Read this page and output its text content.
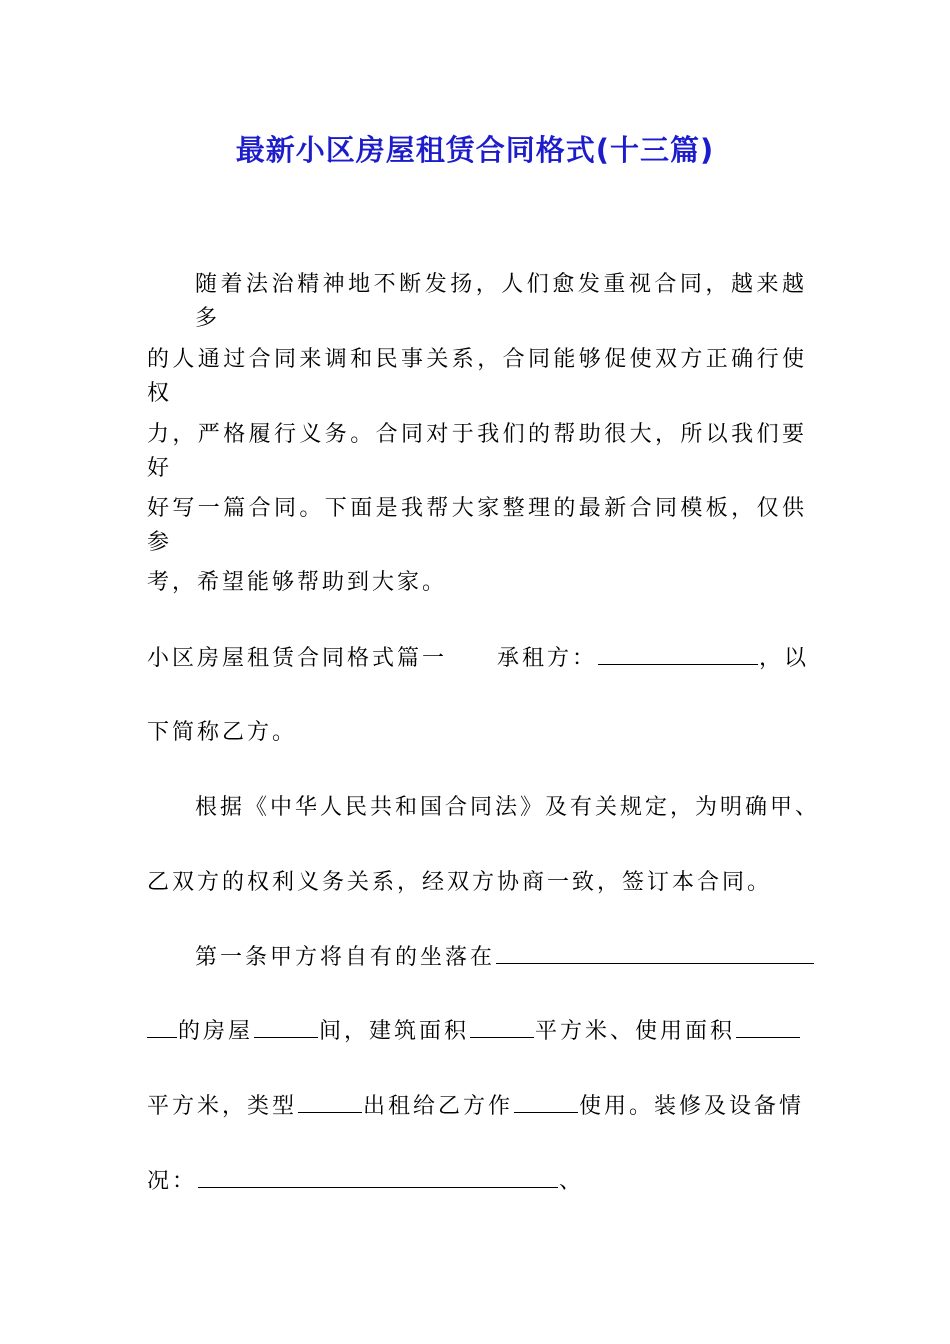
最新小区房屋租赁合同格式(十三篇)
随着法治精神地不断发扬，人们愈发重视合同，越来越多
的人通过合同来调和民事关系，合同能够促使双方正确行使权
力，严格履行义务。合同对于我们的帮助很大，所以我们要好
好写一篇合同。下面是我帮大家整理的最新合同模板，仅供参
考，希望能够帮助到大家。
小区房屋租赁合同格式篇一 承租方：	，以
下简称乙方。
根据《中华人民共和国合同法》及有关规定，为明确甲、
乙双方的权利义务关系，经双方协商一致，签订本合同。
第一条甲方将自有的坐落在
的房屋	间，建筑面积	平方米、使用面积
平方米，类型	出租给乙方作	使用。装修及设备情
况：	、
